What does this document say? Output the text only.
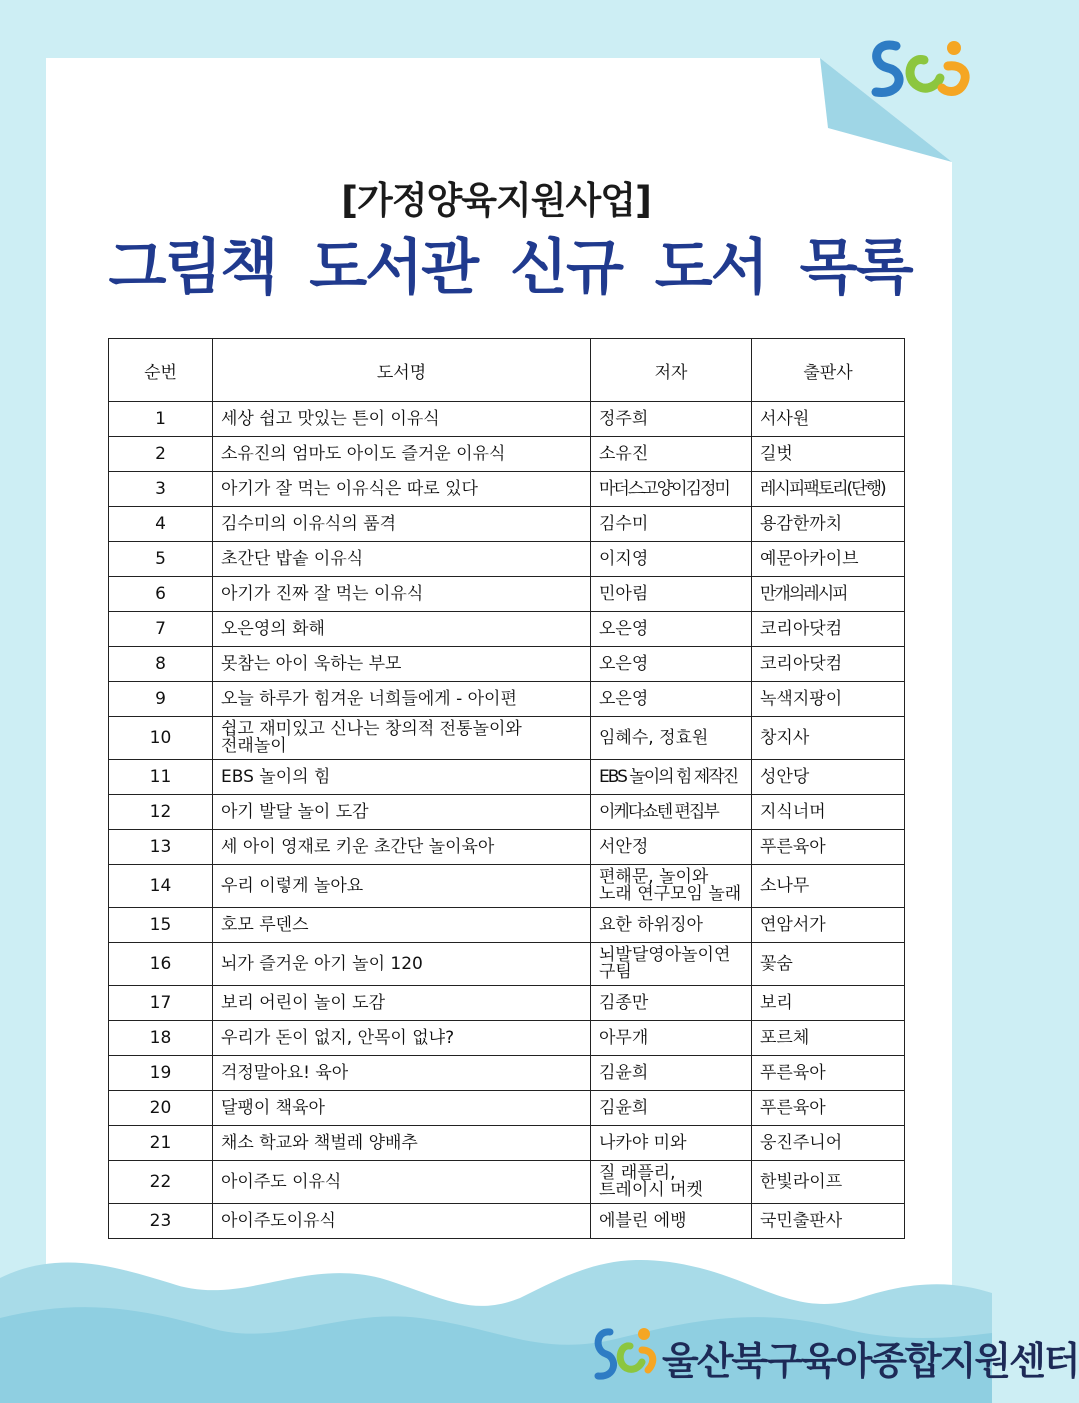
울산북구육아종합지원센터
[가정양육지원사업]
그림책 도서관 신규 도서 목록
순번	도서명	저자	출판사
1	세상 쉽고 맛있는 튼이 이유식	정주희	서사원
2	소유진의 엄마도 아이도 즐거운 이유식	소유진	길벗
3	아기가 잘 먹는 이유식은 따로 있다	마더스고양이김정미	레시피팩토리(단행)
4	김수미의 이유식의 품격	김수미	용감한까치
5	초간단 밥솥 이유식	이지영	예문아카이브
6	아기가 진짜 잘 먹는 이유식	민아림	만개의레시피
7	오은영의 화해	오은영	코리아닷컴
8	못참는 아이 욱하는 부모	오은영	코리아닷컴
9	오늘 하루가 힘겨운 너희들에게 - 아이편	오은영	녹색지팡이
10	쉽고 재미있고 신나는 창의적 전통놀이와 전래놀이	임혜수, 정효원	창지사
11	EBS 놀이의 힘	EBS 놀이의 힘 제작진	성안당
12	아기 발달 놀이 도감	이케다쇼텐 편집부	지식너머
13	세 아이 영재로 키운 초간단 놀이육아	서안정	푸른육아
14	우리 이렇게 놀아요	편해문, 놀이와 노래 연구모임 놀래	소나무
15	호모 루덴스	요한 하위징아	연암서가
16	뇌가 즐거운 아기 놀이 120	뇌발달영아놀이연구팀	꽃숨
17	보리 어린이 놀이 도감	김종만	보리
18	우리가 돈이 없지, 안목이 없냐?	아무개	포르체
19	걱정말아요! 육아	김윤희	푸른육아
20	달팽이 책육아	김윤희	푸른육아
21	채소 학교와 책벌레 양배추	나카야 미와	웅진주니어
22	아이주도 이유식	질 래플리, 트레이시 머켓	한빛라이프
23	아이주도이유식	에블린 에뱅	국민출판사
